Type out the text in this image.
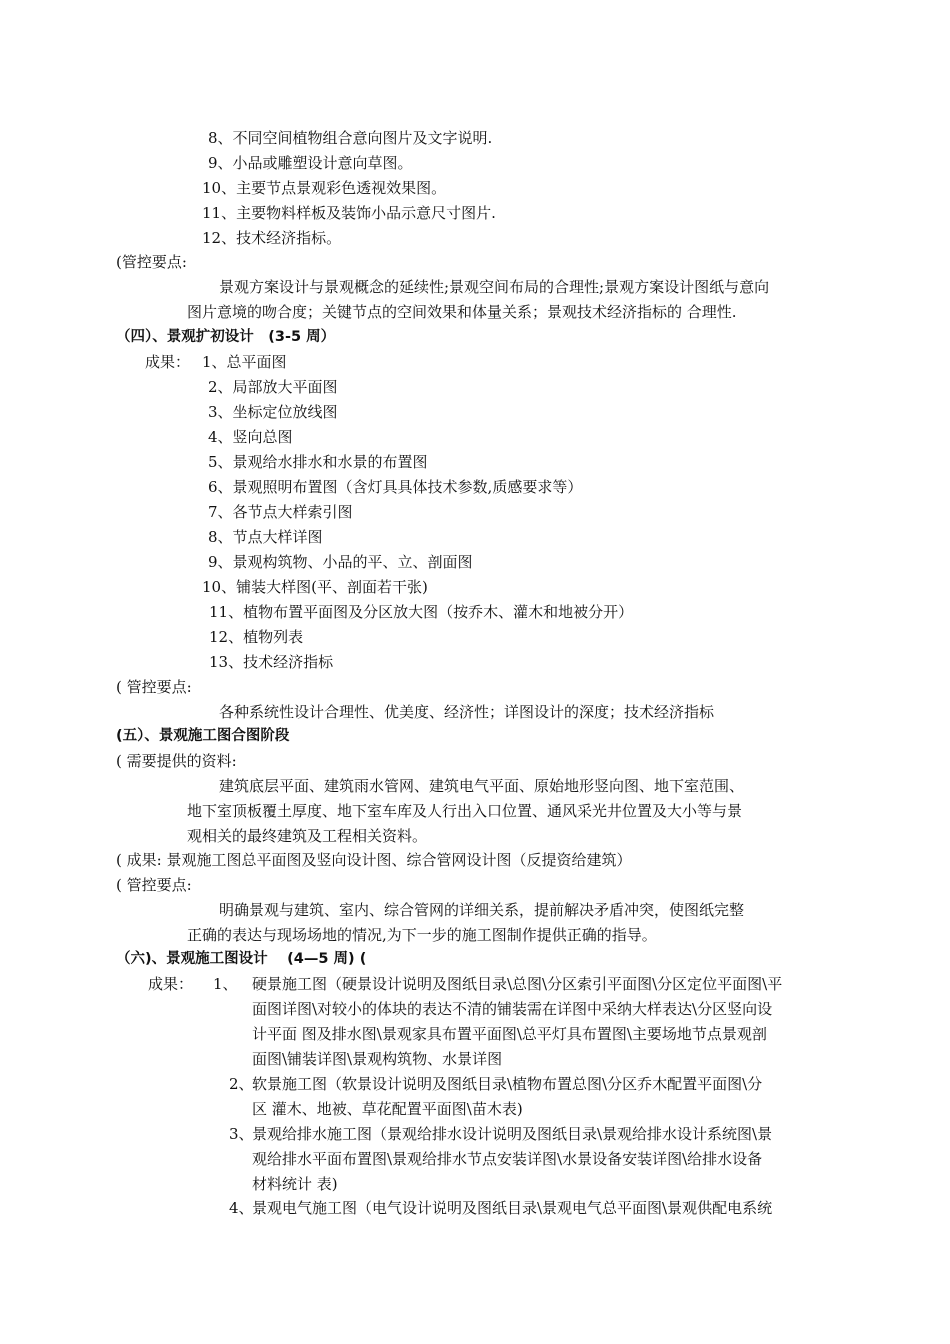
8、不同空间植物组合意向图片及文字说明.
9、小品或雕塑设计意向草图。
10、主要节点景观彩色透视效果图。
11、主要物料样板及装饰小品示意尺寸图片.
12、技术经济指标。
(管控要点:
景观方案设计与景观概念的延续性;景观空间布局的合理性;景观方案设计图纸与意向
图片意境的吻合度；关键节点的空间效果和体量关系；景观技术经济指标的 合理性.
（四）、景观扩初设计　(3-5 周）
成果： 1、总平面图
2、局部放大平面图
3、坐标定位放线图
4、竖向总图
5、景观给水排水和水景的布置图
6、景观照明布置图（含灯具具体技术参数,质感要求等）
7、各节点大样索引图
8、节点大样详图
9、景观构筑物、小品的平、立、剖面图
10、铺装大样图(平、剖面若干张)
11、植物布置平面图及分区放大图（按乔木、灌木和地被分开）
12、植物列表
13、技术经济指标
( 管控要点:
各种系统性设计合理性、优美度、经济性；详图设计的深度；技术经济指标
(五）、景观施工图合图阶段
( 需要提供的资料:
建筑底层平面、建筑雨水管网、建筑电气平面、原始地形竖向图、地下室范围、
地下室顶板覆土厚度、地下室车库及人行出入口位置、通风采光井位置及大小等与景
观相关的最终建筑及工程相关资料。
( 成果: 景观施工图总平面图及竖向设计图、综合管网设计图（反提资给建筑）
( 管控要点:
明确景观与建筑、室内、综合管网的详细关系，提前解决矛盾冲突，使图纸完整
正确的表达与现场场地的情况,为下一步的施工图制作提供正确的指导。
（六)、景观施工图设计　 (4—5 周) (
成果： 1、 硬景施工图（硬景设计说明及图纸目录\总图\分区索引平面图\分区定位平面图\平
面图详图\对较小的体块的表达不清的铺装需在详图中采纳大样表达\分区竖向设
计平面 图及排水图\景观家具布置平面图\总平灯具布置图\主要场地节点景观剖
面图\铺装详图\景观构筑物、水景详图
2、
软景施工图（软景设计说明及图纸目录\植物布置总图\分区乔木配置平面图\分
区 灌木、地被、草花配置平面图\苗木表)
3、
景观给排水施工图（景观给排水设计说明及图纸目录\景观给排水设计系统图\景
观给排水平面布置图\景观给排水节点安装详图\水景设备安装详图\给排水设备
材料统计 表)
4、
景观电气施工图（电气设计说明及图纸目录\景观电气总平面图\景观供配电系统
